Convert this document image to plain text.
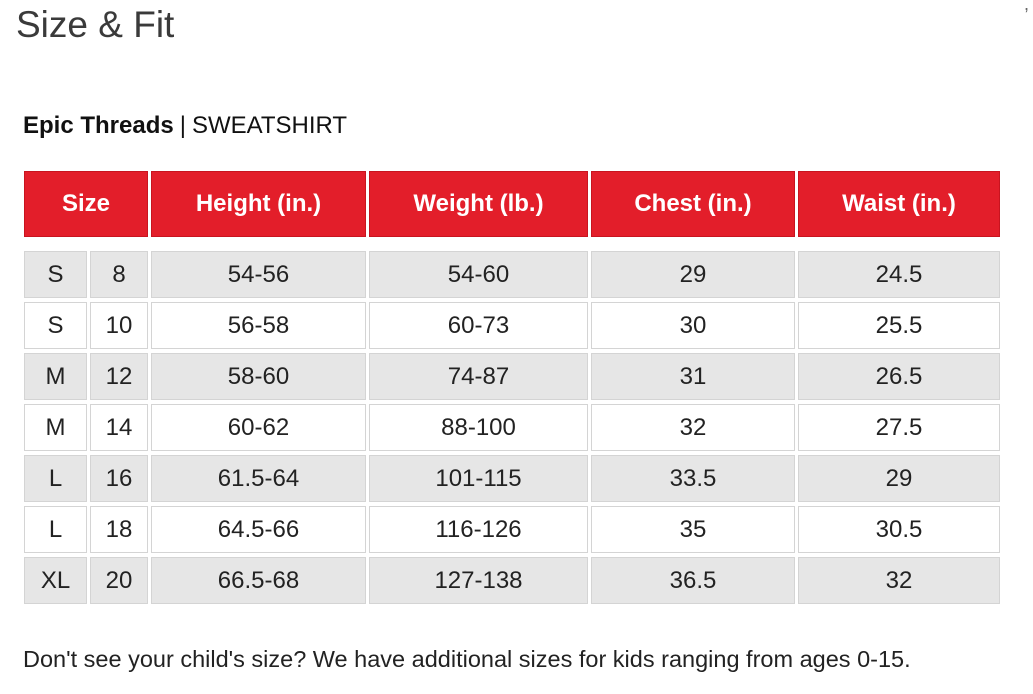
Size & Fit	,
Epic Threads | SWEATSHIRT
Size	Height (in.)	Weight (lb.)	Chest (in.)	Waist (in.)
S	8	54-56	54-60	29	24.5
S	10	56-58	60-73	30	25.5
M	12	58-60	74-87	31	26.5
M	14	60-62	88-100	32	27.5
L	16	61.5-64	101-115	33.5	29
L	18	64.5-66	116-126	35	30.5
XL	20	66.5-68	127-138	36.5	32
Don't see your child's size? We have additional sizes for kids ranging from ages 0-15.
